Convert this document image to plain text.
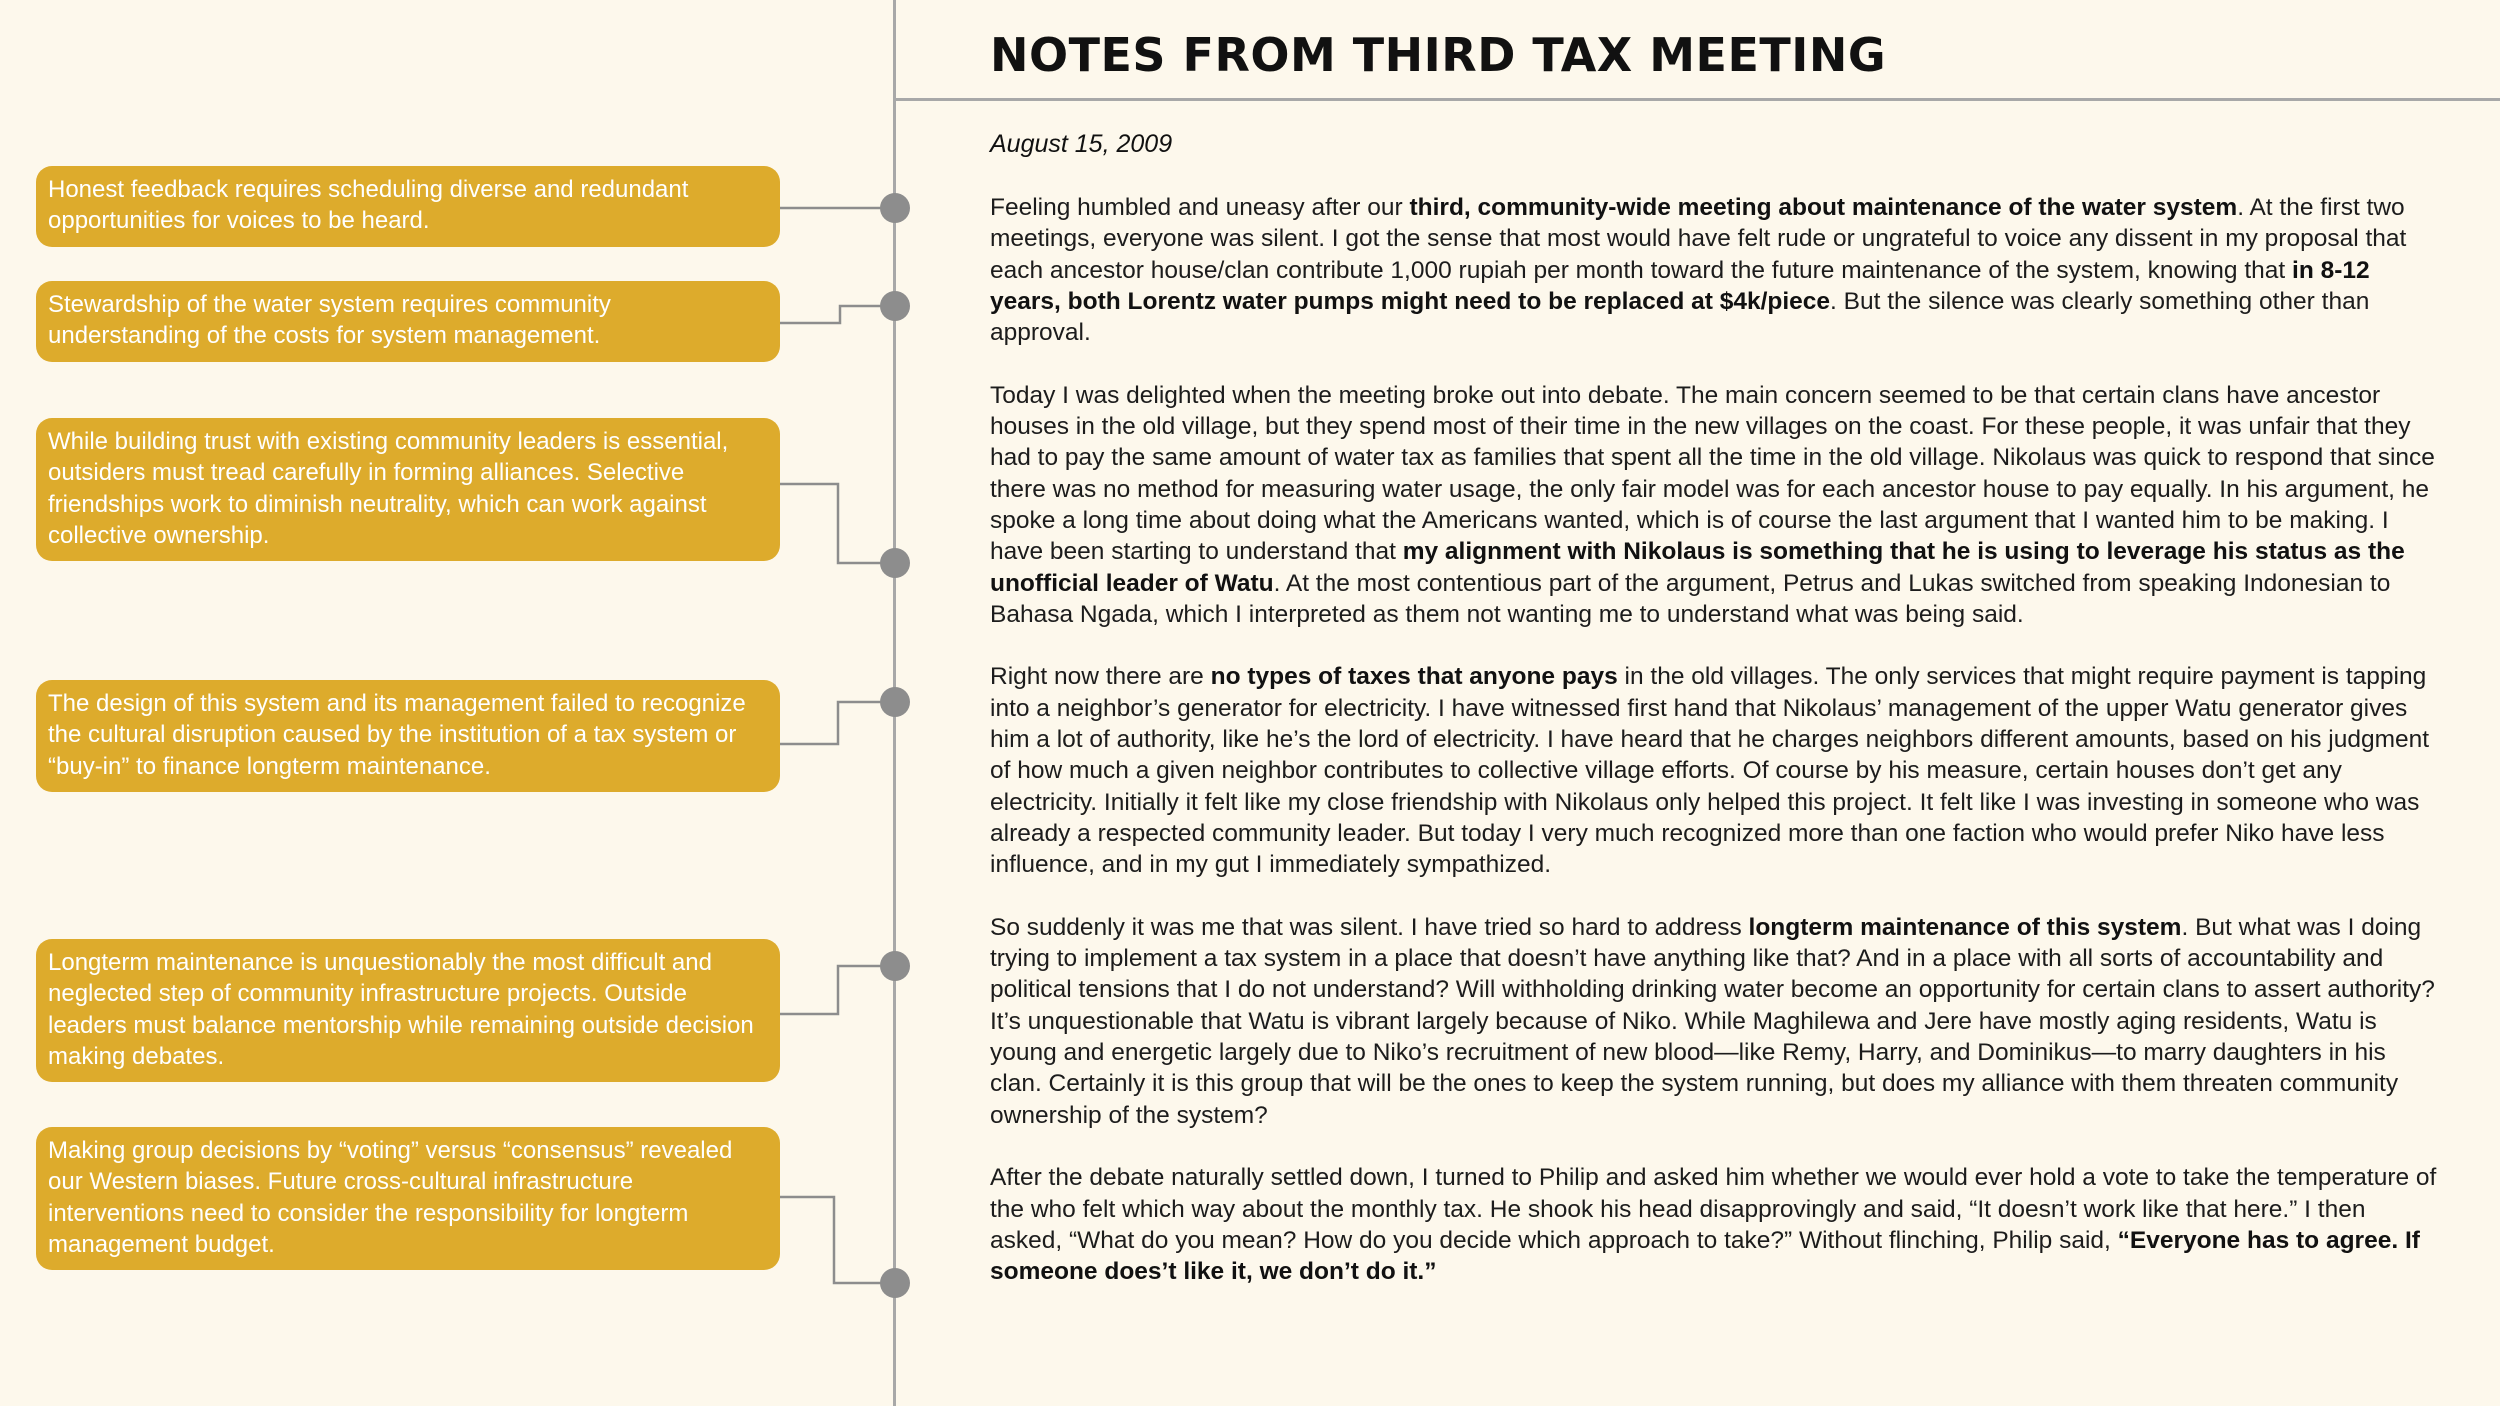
Honest feedback requires scheduling diverse and redundant opportunities for voices to be heard.
Stewardship of the water system requires community understanding of the costs for system management.
While building trust with existing community leaders is essential, outsiders must tread carefully in forming alliances. Selective friendships work to diminish neutrality, which can work against collective ownership.
The design of this system and its management failed to recognize the cultural disruption caused by the institution of a tax system or “buy-in” to finance longterm maintenance.
Longterm maintenance is unquestionably the most difficult and neglected step of community infrastructure projects. Outside leaders must balance mentorship while remaining outside decision making debates.
Making group decisions by “voting” versus “consensus” revealed our Western biases. Future cross-cultural infrastructure interventions need to consider the responsibility for longterm management budget.
NOTES FROM THIRD TAX MEETING
August 15, 2009

Feeling humbled and uneasy after our third, community-wide meeting about maintenance of the water system. At the first two meetings, everyone was silent. I got the sense that most would have felt rude or ungrateful to voice any dissent in my proposal that each ancestor house/clan contribute 1,000 rupiah per month toward the future maintenance of the system, knowing that in 8-12 years, both Lorentz water pumps might need to be replaced at $4k/piece. But the silence was clearly something other than approval.

Today I was delighted when the meeting broke out into debate. The main concern seemed to be that certain clans have ancestor houses in the old village, but they spend most of their time in the new villages on the coast. For these people, it was unfair that they had to pay the same amount of water tax as families that spent all the time in the old village. Nikolaus was quick to respond that since there was no method for measuring water usage, the only fair model was for each ancestor house to pay equally. In his argument, he spoke a long time about doing what the Americans wanted, which is of course the last argument that I wanted him to be making. I have been starting to understand that my alignment with Nikolaus is something that he is using to leverage his status as the unofficial leader of Watu. At the most contentious part of the argument, Petrus and Lukas switched from speaking Indonesian to Bahasa Ngada, which I interpreted as them not wanting me to understand what was being said.

Right now there are no types of taxes that anyone pays in the old villages. The only services that might require payment is tapping into a neighbor’s generator for electricity. I have witnessed first hand that Nikolaus’ management of the upper Watu generator gives him a lot of authority, like he’s the lord of electricity. I have heard that he charges neighbors different amounts, based on his judgment of how much a given neighbor contributes to collective village efforts. Of course by his measure, certain houses don’t get any electricity. Initially it felt like my close friendship with Nikolaus only helped this project. It felt like I was investing in someone who was already a respected community leader. But today I very much recognized more than one faction who would prefer Niko have less influence, and in my gut I immediately sympathized.

So suddenly it was me that was silent. I have tried so hard to address longterm maintenance of this system. But what was I doing trying to implement a tax system in a place that doesn’t have anything like that? And in a place with all sorts of accountability and political tensions that I do not understand? Will withholding drinking water become an opportunity for certain clans to assert authority? It’s unquestionable that Watu is vibrant largely because of Niko. While Maghilewa and Jere have mostly aging residents, Watu is young and energetic largely due to Niko’s recruitment of new blood—like Remy, Harry, and Dominikus—to marry daughters in his clan. Certainly it is this group that will be the ones to keep the system running, but does my alliance with them threaten community ownership of the system?

After the debate naturally settled down, I turned to Philip and asked him whether we would ever hold a vote to take the temperature of the who felt which way about the monthly tax. He shook his head disapprovingly and said, “It doesn’t work like that here.” I then asked, “What do you mean? How do you decide which approach to take?” Without flinching, Philip said, “Everyone has to agree. If someone does’t like it, we don’t do it.”
